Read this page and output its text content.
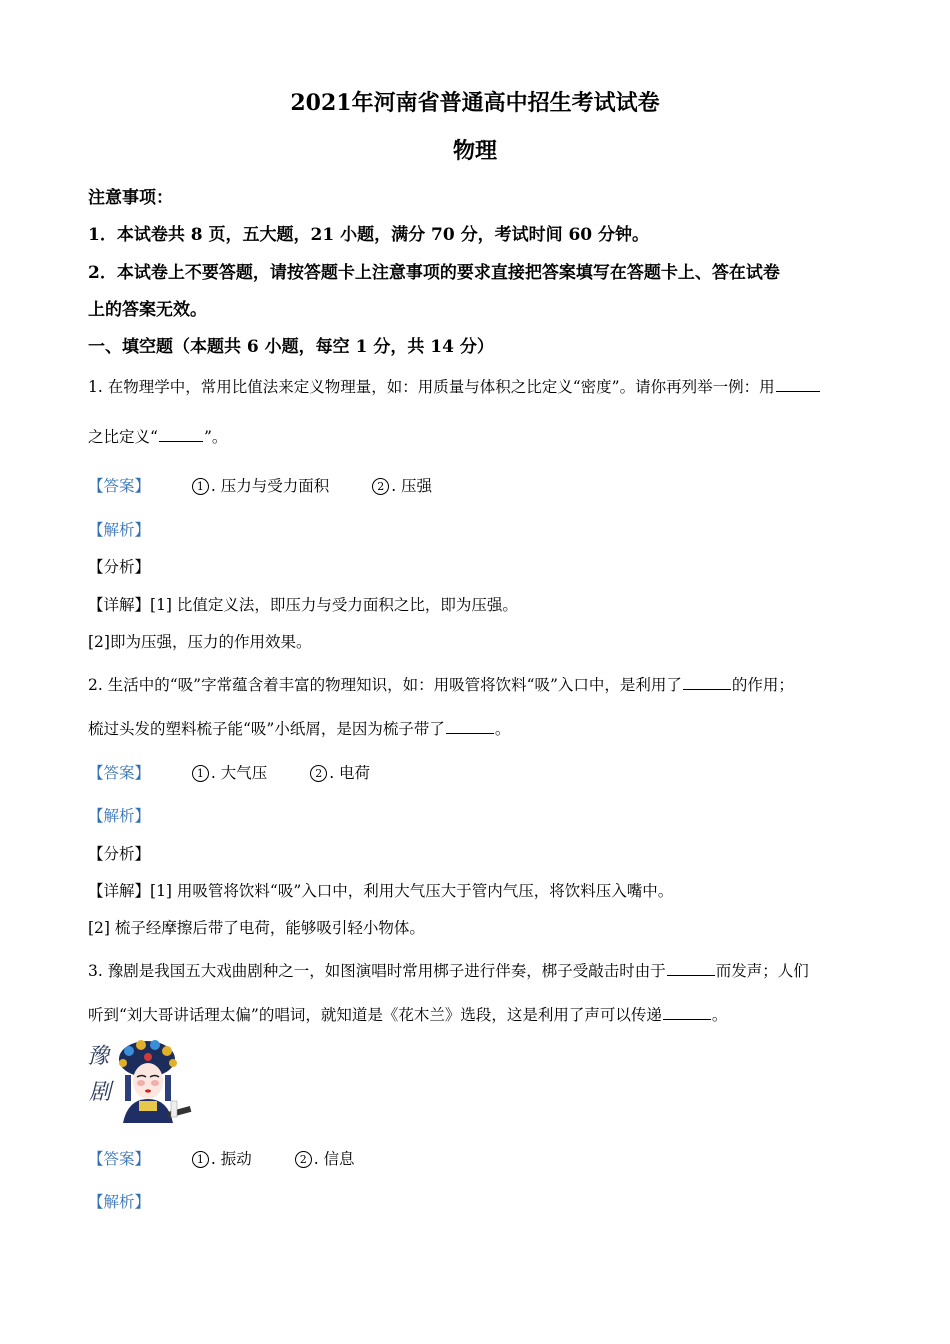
2021年河南省普通高中招生考试试卷
物理
注意事项：
1．本试卷共 8 页，五大题，21 小题，满分 70 分，考试时间 60 分钟。
2．本试卷上不要答题，请按答题卡上注意事项的要求直接把答案填写在答题卡上、答在试卷
上的答案无效。
一、填空题（本题共 6 小题，每空 1 分，共 14 分）
1. 在物理学中，常用比值法来定义物理量，如：用质量与体积之比定义“密度”。请你再列举一例：用
之比定义“	”。
【答案】	1 . 压力与受力面积	2 . 压强
【解析】
【分析】
【详解】[1] 比值定义法，即压力与受力面积之比，即为压强。
[2]即为压强，压力的作用效果。
2. 生活中的“吸”字常蕴含着丰富的物理知识，如：用吸管将饮料“吸”入口中，是利用了	的作用；
梳过头发的塑料梳子能“吸”小纸屑，是因为梳子带了	。
【答案】	1 . 大气压	2 . 电荷
【解析】
【分析】
【详解】[1] 用吸管将饮料“吸”入口中，利用大气压大于管内气压，将饮料压入嘴中。
[2] 梳子经摩擦后带了电荷，能够吸引轻小物体。
3. 豫剧是我国五大戏曲剧种之一，如图演唱时常用梆子进行伴奏，梆子受敲击时由于	而发声；人们
听到“刘大哥讲话理太偏”的唱词，就知道是《花木兰》选段，这是利用了声可以传递	。
豫
剧
【答案】	1 . 振动	2 . 信息
【解析】
